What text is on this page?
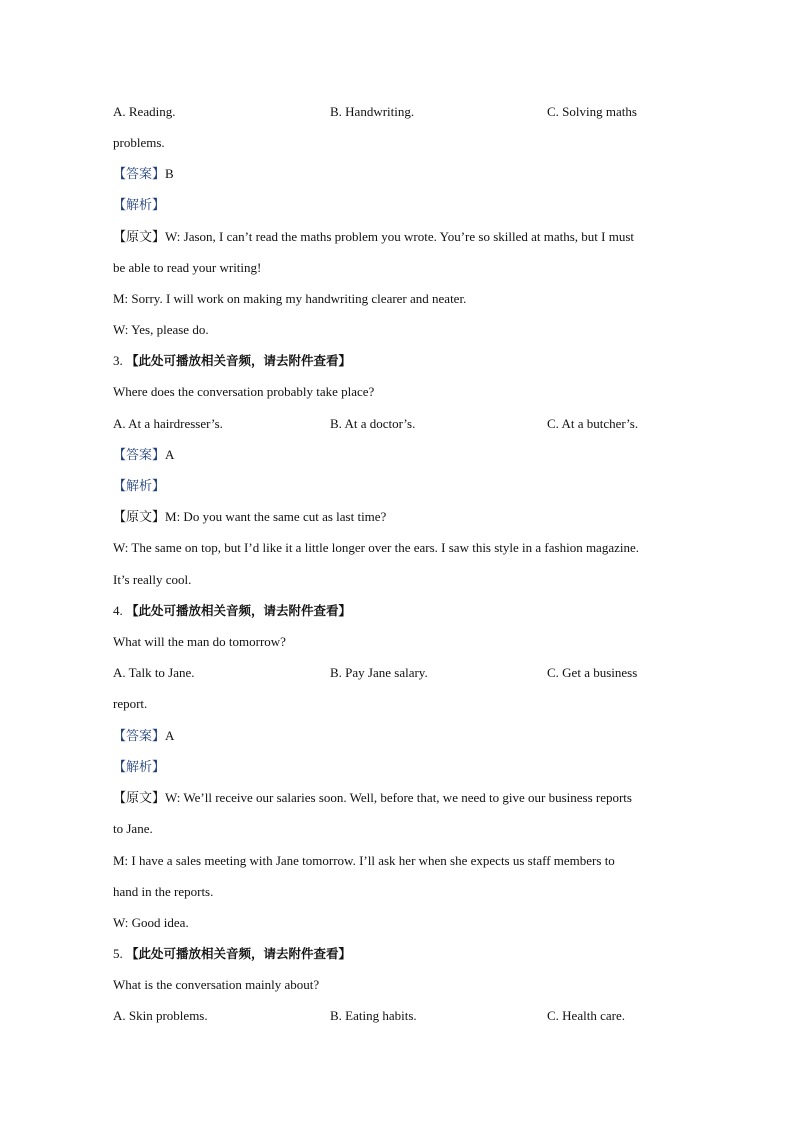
A. Reading.	B. Handwriting.	C. Solving maths
problems.
【答案】B
【解析】
【原文】W: Jason, I can’t read the maths problem you wrote. You’re so skilled at maths, but I must
be able to read your writing!
M: Sorry. I will work on making my handwriting clearer and neater.
W: Yes, please do.
3. 【此处可播放相关音频，请去附件查看】
Where does the conversation probably take place?
A. At a hairdresser’s.	B. At a doctor’s.	C. At a butcher’s.
【答案】A
【解析】
【原文】M: Do you want the same cut as last time?
W: The same on top, but I’d like it a little longer over the ears. I saw this style in a fashion magazine.
It’s really cool.
4. 【此处可播放相关音频，请去附件查看】
What will the man do tomorrow?
A. Talk to Jane.	B. Pay Jane salary.	C. Get a business
report.
【答案】A
【解析】
【原文】W: We’ll receive our salaries soon. Well, before that, we need to give our business reports
to Jane.
M: I have a sales meeting with Jane tomorrow. I’ll ask her when she expects us staff members to
hand in the reports.
W: Good idea.
5. 【此处可播放相关音频，请去附件查看】
What is the conversation mainly about?
A. Skin problems.	B. Eating habits.	C. Health care.
